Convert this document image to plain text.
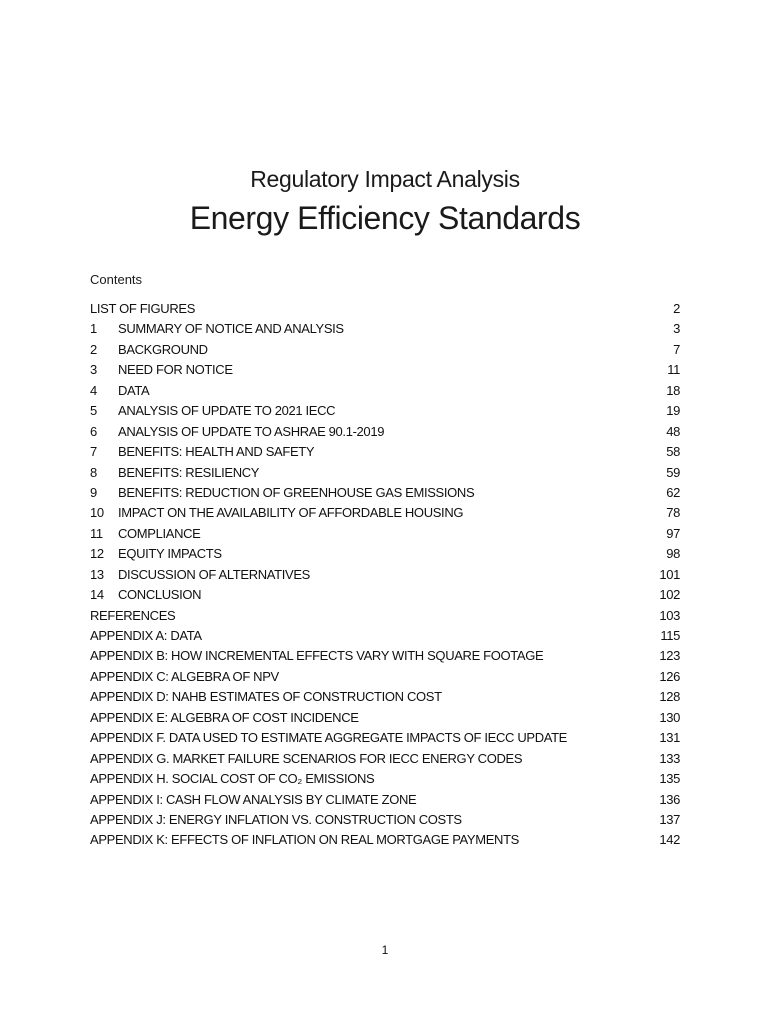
Regulatory Impact Analysis
Energy Efficiency Standards
Contents
LIST OF FIGURES	2
1	SUMMARY OF NOTICE AND ANALYSIS	3
2	BACKGROUND	7
3	NEED FOR NOTICE	11
4	DATA	18
5	ANALYSIS OF UPDATE TO 2021 IECC	19
6	ANALYSIS OF UPDATE TO ASHRAE 90.1-2019	48
7	BENEFITS: HEALTH AND SAFETY	58
8	BENEFITS: RESILIENCY	59
9	BENEFITS: REDUCTION OF GREENHOUSE GAS EMISSIONS	62
10	IMPACT ON THE AVAILABILITY OF AFFORDABLE HOUSING	78
11	COMPLIANCE	97
12	EQUITY IMPACTS	98
13	DISCUSSION OF ALTERNATIVES	101
14	CONCLUSION	102
REFERENCES	103
APPENDIX A: DATA	115
APPENDIX B: HOW INCREMENTAL EFFECTS VARY WITH SQUARE FOOTAGE	123
APPENDIX C: ALGEBRA OF NPV	126
APPENDIX D: NAHB ESTIMATES OF CONSTRUCTION COST	128
APPENDIX E: ALGEBRA OF COST INCIDENCE	130
APPENDIX F. DATA USED TO ESTIMATE AGGREGATE IMPACTS OF IECC UPDATE	131
APPENDIX G. MARKET FAILURE SCENARIOS FOR IECC ENERGY CODES	133
APPENDIX H. SOCIAL COST OF CO₂ EMISSIONS	135
APPENDIX I: CASH FLOW ANALYSIS BY CLIMATE ZONE	136
APPENDIX J: ENERGY INFLATION VS. CONSTRUCTION COSTS	137
APPENDIX K: EFFECTS OF INFLATION ON REAL MORTGAGE PAYMENTS	142
1
